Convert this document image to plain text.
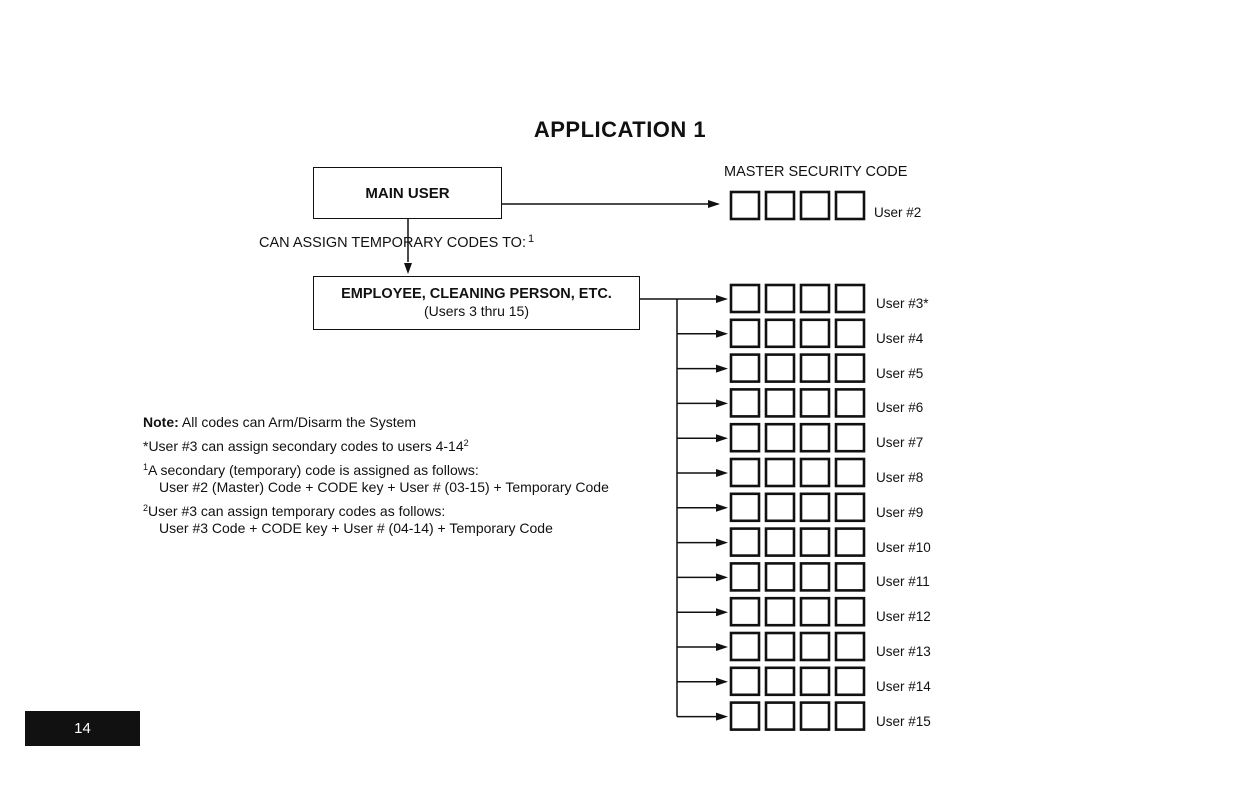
APPLICATION 1
MAIN USER
CAN ASSIGN TEMPORARY CODES TO: $^1$
EMPLOYEE, CLEANING PERSON, ETC.
(Users 3 thru 15)
MASTER SECURITY CODE
User #2
User #3*
User #4
User #5
User #6
User #7
User #8
User #9
User #10
User #11
User #12
User #13
User #14
User #15

Note: All codes can Arm/Disarm the System

*User #3 can assign secondary codes to users $4-14^2$

$^1$A secondary (temporary) code is assigned as follows:

User #2 (Master) Code + CODE key + User # (03-15) + Temporary Code

$^2$User #3 can assign temporary codes as follows:

User #3 Code + CODE key + User # (04-14) + Temporary Code

14
